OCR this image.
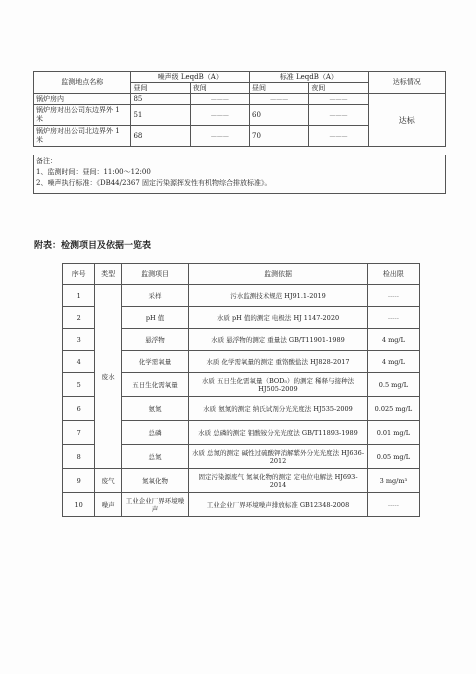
监测地点名称	噪声级 LeqdB（A）		标准 LeqdB（A）		达标情况
	昼间	夜间	昼间	夜间	
锅炉房内	85	———	———	———	达标
锅炉房对出公司东边界外 1 米	51	———	60	———	
锅炉房对出公司北边界外 1 米	68	———	70	———	
备注：
1、监测时间：昼间：11:00～12:00
2、噪声执行标准：《DB44/2367 固定污染源挥发性有机物综合排放标准》。
附表：检测项目及依据一览表
序号	类型	监测项目	监测依据	检出限
1	废水	采样	污水监测技术规范 HJ91.1-2019	-----
2		pH 值	水质 pH 值的测定 电极法 HJ 1147-2020	-----
3		悬浮物	水质 悬浮物的测定 重量法 GB/T11901-1989	4 mg/L
4		化学需氧量	水质 化学需氧量的测定 重铬酸盐法 HJ828-2017	4 mg/L
5		五日生化需氧量	水质 五日生化需氧量（BOD₅）的测定 稀释与接种法 HJ505-2009	0.5 mg/L
6		氨氮	水质 氨氮的测定 纳氏试剂分光光度法 HJ535-2009	0.025 mg/L
7		总磷	水质 总磷的测定 钼酸铵分光光度法 GB/T11893-1989	0.01 mg/L
8		总氮	水质 总氮的测定 碱性过硫酸钾消解紫外分光光度法 HJ636-2012	0.05 mg/L
9	废气	氮氧化物	固定污染源废气 氮氧化物的测定 定电位电解法 HJ693-2014	3 mg/m³
10	噪声	工业企业厂界环境噪声	工业企业厂界环境噪声排放标准 GB12348-2008	-----
